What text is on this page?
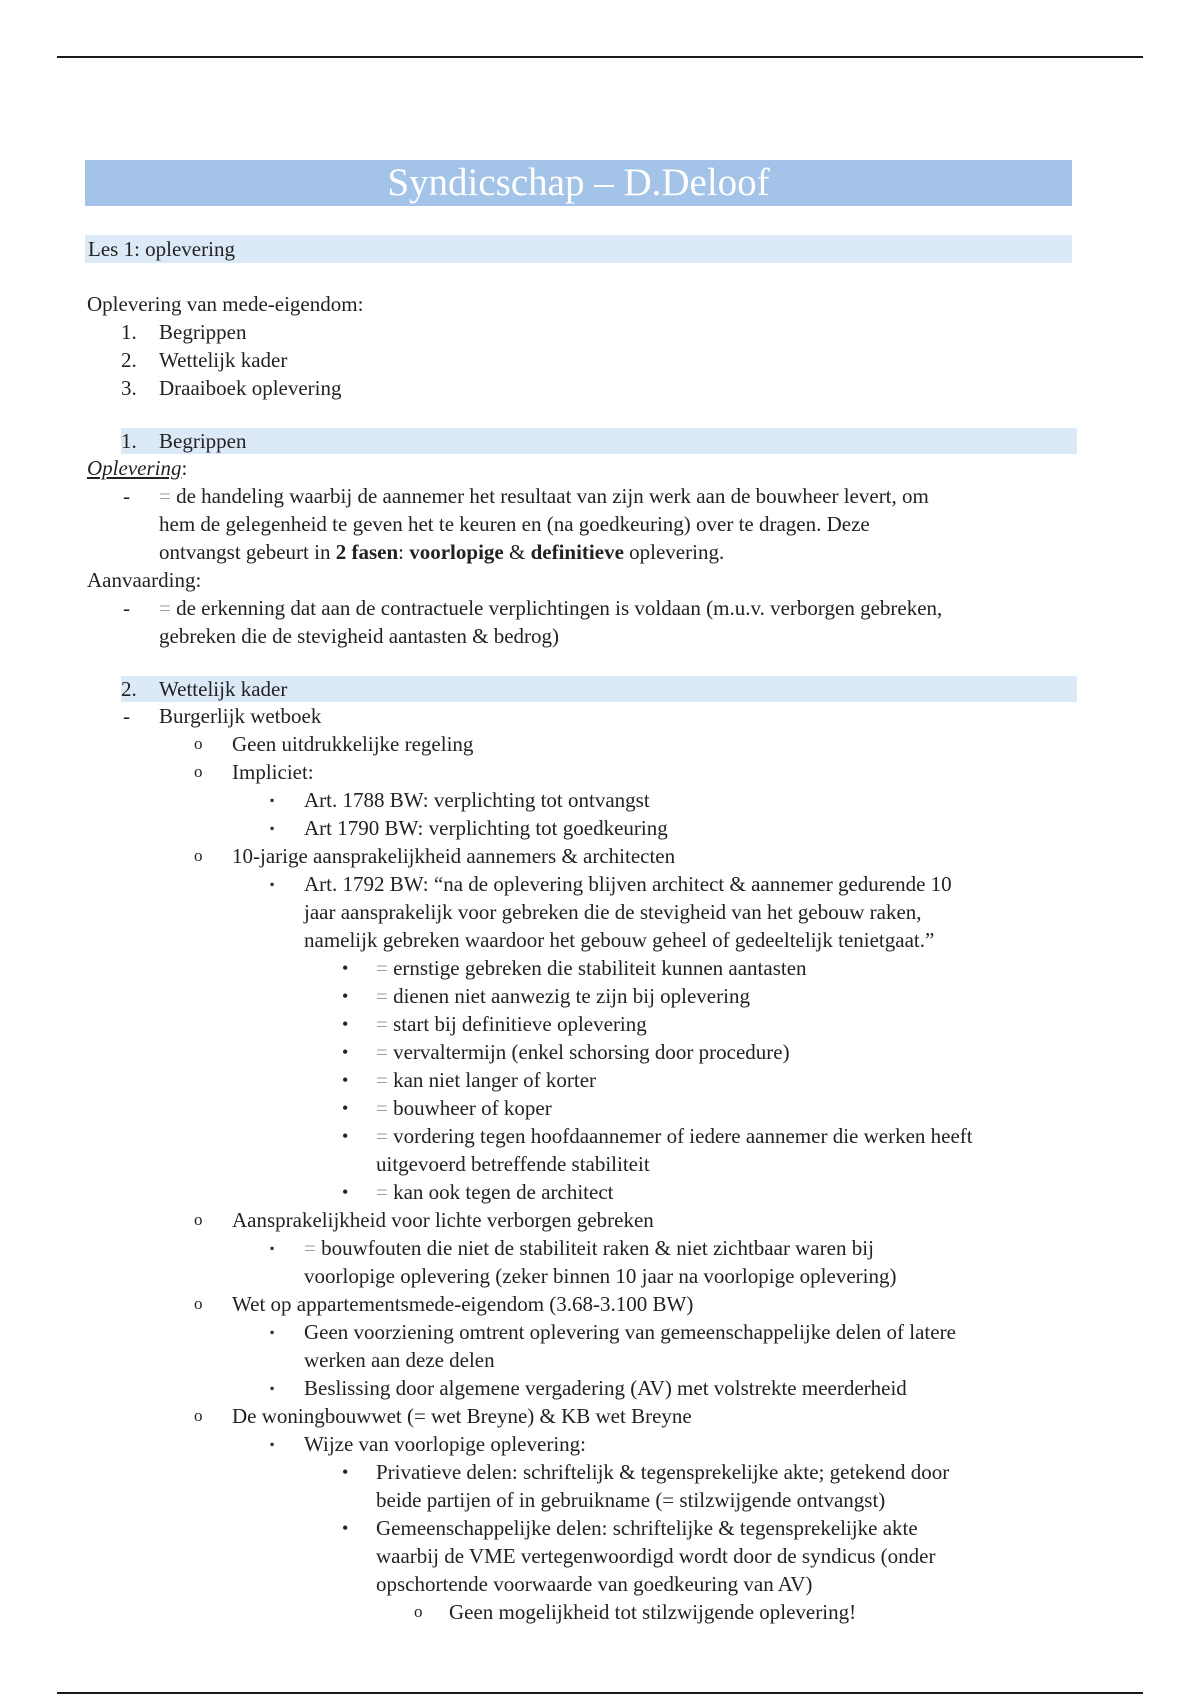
Syndicschap – D.Deloof
Les 1: oplevering
Oplevering van mede-eigendom:
1.	Begrippen
2.	Wettelijk kader
3.	Draaiboek oplevering
1.	Begrippen
Oplevering:
-	= de handeling waarbij de aannemer het resultaat van zijn werk aan de bouwheer levert, om
hem de gelegenheid te geven het te keuren en (na goedkeuring) over te dragen. Deze
ontvangst gebeurt in 2 fasen: voorlopige & definitieve oplevering.
Aanvaarding:
-	= de erkenning dat aan de contractuele verplichtingen is voldaan (m.u.v. verborgen gebreken,
gebreken die de stevigheid aantasten & bedrog)
2.	Wettelijk kader
-	Burgerlijk wetboek
o	Geen uitdrukkelijke regeling
o	Impliciet:
▪	Art. 1788 BW: verplichting tot ontvangst
▪	Art 1790 BW: verplichting tot goedkeuring
o	10-jarige aansprakelijkheid aannemers & architecten
▪	Art. 1792 BW: “na de oplevering blijven architect & aannemer gedurende 10
jaar aansprakelijk voor gebreken die de stevigheid van het gebouw raken,
namelijk gebreken waardoor het gebouw geheel of gedeeltelijk tenietgaat.”
•	= ernstige gebreken die stabiliteit kunnen aantasten
•	= dienen niet aanwezig te zijn bij oplevering
•	= start bij definitieve oplevering
•	= vervaltermijn (enkel schorsing door procedure)
•	= kan niet langer of korter
•	= bouwheer of koper
•	= vordering tegen hoofdaannemer of iedere aannemer die werken heeft
uitgevoerd betreffende stabiliteit
•	= kan ook tegen de architect
o	Aansprakelijkheid voor lichte verborgen gebreken
▪	= bouwfouten die niet de stabiliteit raken & niet zichtbaar waren bij
voorlopige oplevering (zeker binnen 10 jaar na voorlopige oplevering)
o	Wet op appartementsmede-eigendom (3.68-3.100 BW)
▪	Geen voorziening omtrent oplevering van gemeenschappelijke delen of latere
werken aan deze delen
▪	Beslissing door algemene vergadering (AV) met volstrekte meerderheid
o	De woningbouwwet (= wet Breyne) & KB wet Breyne
▪	Wijze van voorlopige oplevering:
•	Privatieve delen: schriftelijk & tegensprekelijke akte; getekend door
beide partijen of in gebruikname (= stilzwijgende ontvangst)
•	Gemeenschappelijke delen: schriftelijke & tegensprekelijke akte
waarbij de VME vertegenwoordigd wordt door de syndicus (onder
opschortende voorwaarde van goedkeuring van AV)
o	Geen mogelijkheid tot stilzwijgende oplevering!
